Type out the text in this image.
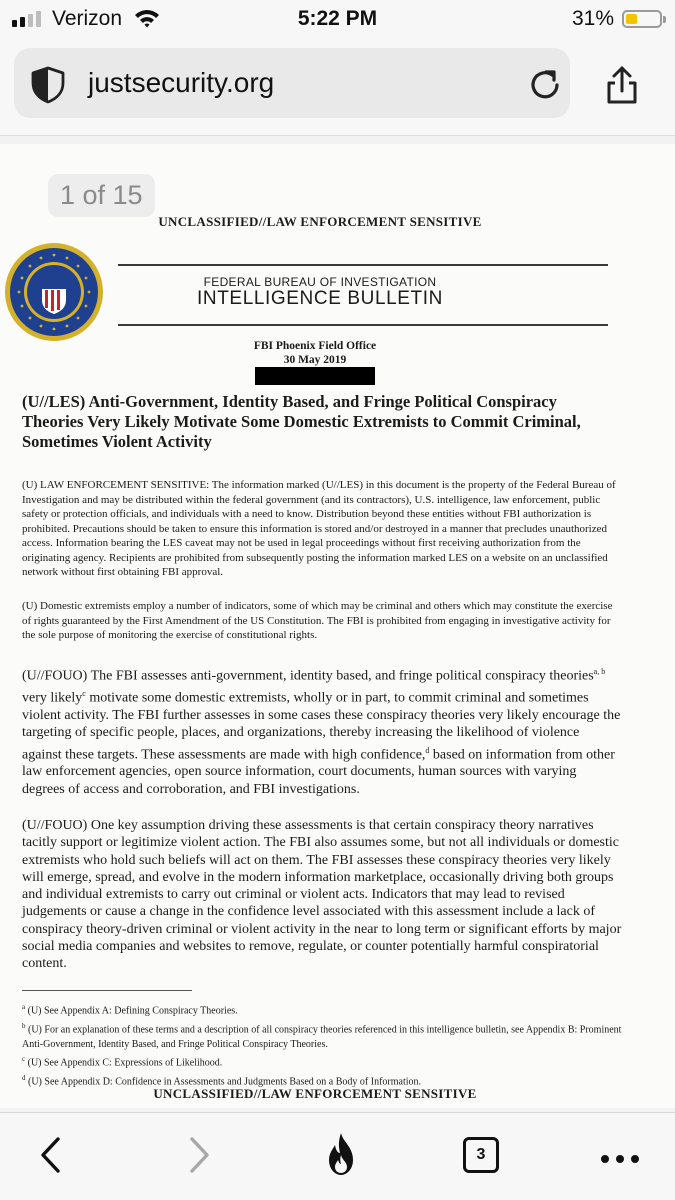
Verizon	5:22 PM	31%
justsecurity.org
1 of 15
UNCLASSIFIED//LAW ENFORCEMENT SENSITIVE
FEDERAL BUREAU OF INVESTIGATION
INTELLIGENCE BULLETIN
FBI Phoenix Field Office
30 May 2019
(U//LES) Anti-Government, Identity Based, and Fringe Political Conspiracy Theories Very Likely Motivate Some Domestic Extremists to Commit Criminal, Sometimes Violent Activity
(U) LAW ENFORCEMENT SENSITIVE: The information marked (U//LES) in this document is the property of the Federal Bureau of Investigation and may be distributed within the federal government (and its contractors), U.S. intelligence, law enforcement, public safety or protection officials, and individuals with a need to know. Distribution beyond these entities without FBI authorization is prohibited. Precautions should be taken to ensure this information is stored and/or destroyed in a manner that precludes unauthorized access. Information bearing the LES caveat may not be used in legal proceedings without first receiving authorization from the originating agency. Recipients are prohibited from subsequently posting the information marked LES on a website on an unclassified network without first obtaining FBI approval.
(U) Domestic extremists employ a number of indicators, some of which may be criminal and others which may constitute the exercise of rights guaranteed by the First Amendment of the US Constitution. The FBI is prohibited from engaging in investigative activity for the sole purpose of monitoring the exercise of constitutional rights.
(U//FOUO) The FBI assesses anti-government, identity based, and fringe political conspiracy theories$^{a, b}$ very likely$^c$ motivate some domestic extremists, wholly or in part, to commit criminal and sometimes violent activity. The FBI further assesses in some cases these conspiracy theories very likely encourage the targeting of specific people, places, and organizations, thereby increasing the likelihood of violence against these targets. These assessments are made with high confidence,$^d$ based on information from other law enforcement agencies, open source information, court documents, human sources with varying degrees of access and corroboration, and FBI investigations.
(U//FOUO) One key assumption driving these assessments is that certain conspiracy theory narratives tacitly support or legitimize violent action. The FBI also assumes some, but not all individuals or domestic extremists who hold such beliefs will act on them. The FBI assesses these conspiracy theories very likely will emerge, spread, and evolve in the modern information marketplace, occasionally driving both groups and individual extremists to carry out criminal or violent acts. Indicators that may lead to revised judgements or cause a change in the confidence level associated with this assessment include a lack of conspiracy theory-driven criminal or violent activity in the near to long term or significant efforts by major social media companies and websites to remove, regulate, or counter potentially harmful conspiratorial content.
$^a$ (U) See Appendix A: Defining Conspiracy Theories.
$^b$ (U) For an explanation of these terms and a description of all conspiracy theories referenced in this intelligence bulletin, see Appendix B: Prominent Anti-Government, Identity Based, and Fringe Political Conspiracy Theories.
$^c$ (U) See Appendix C: Expressions of Likelihood.
$^d$ (U) See Appendix D: Confidence in Assessments and Judgments Based on a Body of Information.
UNCLASSIFIED//LAW ENFORCEMENT SENSITIVE
3
